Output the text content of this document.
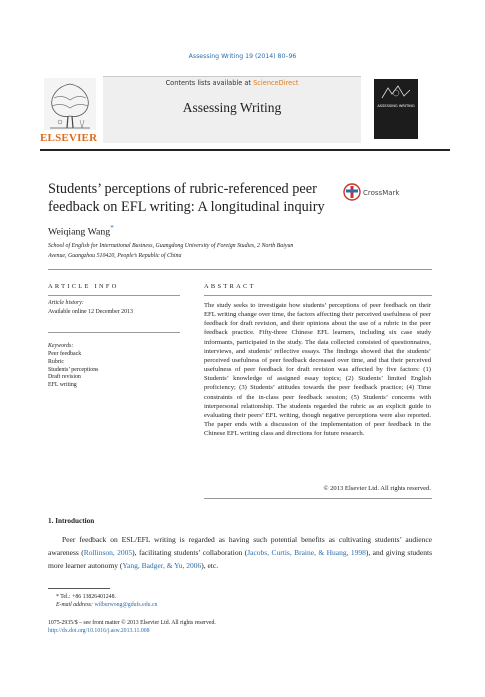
Assessing Writing 19 (2014) 80–96
Contents lists available at ScienceDirect
Assessing Writing
ELSEVIER
ASSESSING WRITING
Students’ perceptions of rubric-referenced peer
feedback on EFL writing: A longitudinal inquiry
CrossMark
Weiqiang Wang*
School of English for International Business, Guangdong University of Foreign Studies, 2 North Baiyun
Avenue, Guangzhou 510420, People’s Republic of China
ARTICLE INFO	ABSTRACT
Article history:
Available online 12 December 2013
Keywords:
Peer feedback
Rubric
Students’ perceptions
Draft revision
EFL writing

The study seeks to investigate how students’ perceptions of peer feedback on their EFL writing change over time, the factors affecting their perceived usefulness of peer feedback for draft revision, and their opinions about the use of a rubric in the peer feedback practice. Fifty-three Chinese EFL learners, including six case study informants, participated in the study. The data collected consisted of questionnaires, interviews, and students’ reflective essays. The findings showed that the students’ perceived usefulness of peer feedback decreased over time, and that their perceived usefulness of peer feedback for draft revision was affected by five factors: (1) Students’ knowledge of assigned essay topics; (2) Students’ limited English proficiency; (3) Students’ attitudes towards the peer feedback practice; (4) Time constraints of the in-class peer feedback session; (5) Students’ concerns with interpersonal relationship. The students regarded the rubric as an explicit guide to evaluating their peers’ EFL writing, though negative perceptions were also reported. The paper ends with a discussion of the implementation of peer feedback in the Chinese EFL writing class and directions for future research.

© 2013 Elsevier Ltd. All rights reserved.
1. Introduction

Peer feedback on ESL/EFL writing is regarded as having such potential benefits as cultivating students’ audience awareness (Rollinson, 2005), facilitating students’ collaboration (Jacobs, Curtis, Braine, & Huang, 1998), and giving students more learner autonomy (Yang, Badger, & Yu, 2006), etc.

* Tel.: +86 13826401248.
E-mail address: wilburwong@gdufs.edu.cn
1075-2935/$ – see front matter © 2013 Elsevier Ltd. All rights reserved.
http://dx.doi.org/10.1016/j.asw.2013.11.008
